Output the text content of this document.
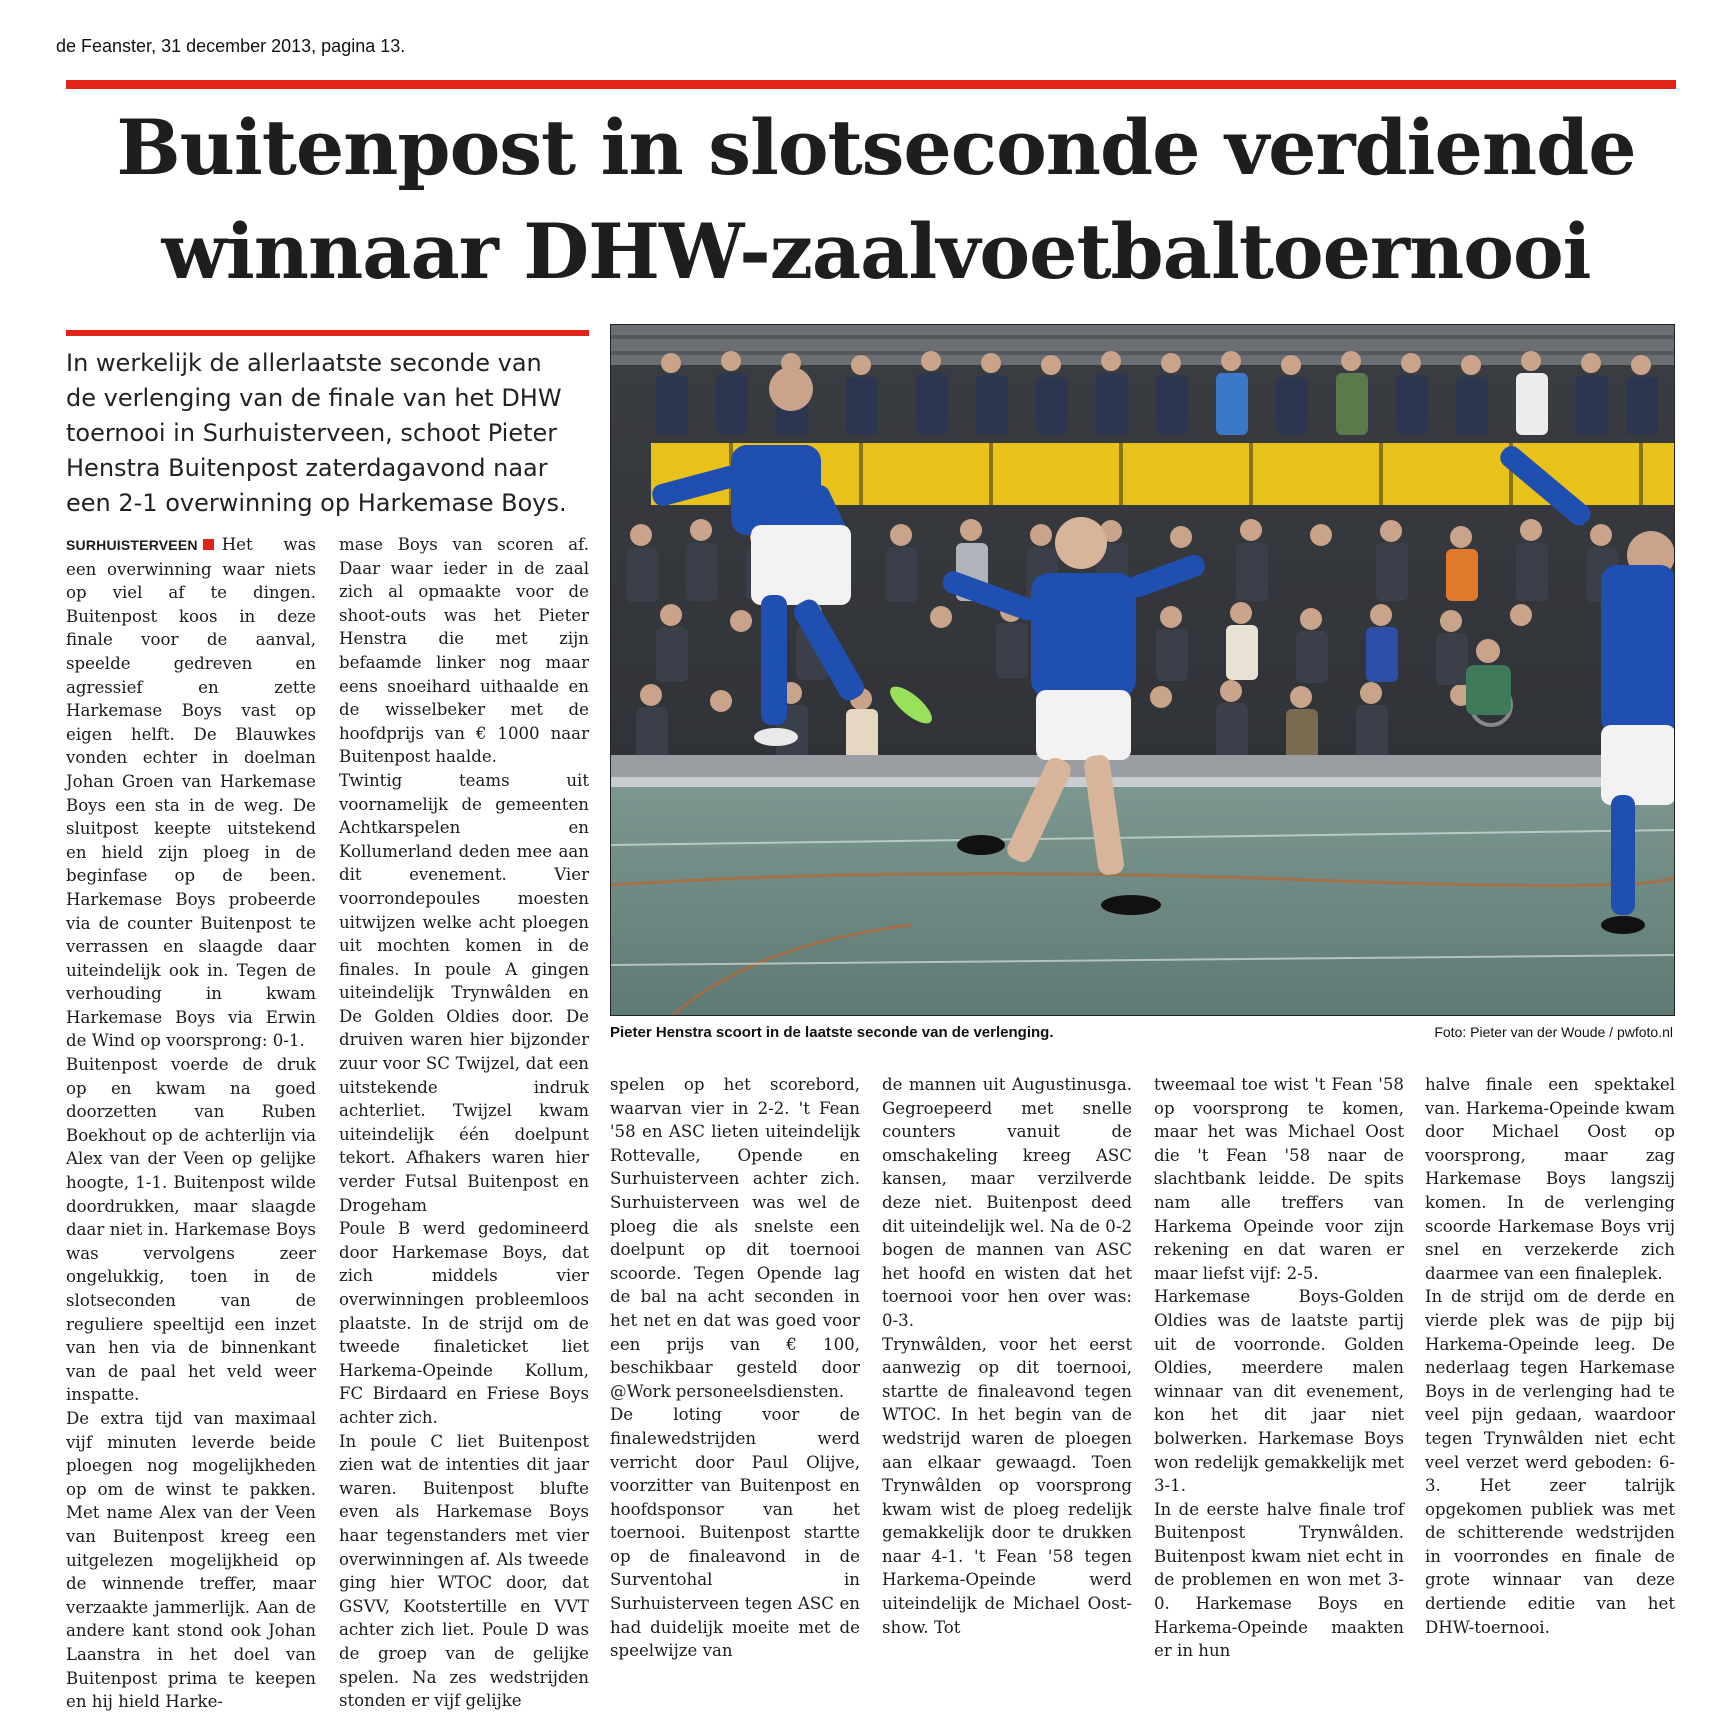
de Feanster, 31 december 2013, pagina 13.
Buitenpost in slotseconde verdiende
winnaar DHW-zaalvoetbaltoernooi
In werkelijk de allerlaatste seconde van de verlenging van de finale van het DHW toernooi in Surhuisterveen, schoot Pieter Henstra Buitenpost zaterdagavond naar een 2-1 overwinning op Harkemase Boys.
Pieter Henstra scoort in de laatste seconde van de verlenging.	Foto: Pieter van der Woude / pwfoto.nl

SURHUISTERVEEN Het was een overwinning waar niets op viel af te dingen. Buitenpost koos in deze finale voor de aanval, speelde gedreven en agressief en zette Harkemase Boys vast op eigen helft. De Blauwkes vonden echter in doelman Johan Groen van Harkemase Boys een sta in de weg. De sluitpost keepte uitstekend en hield zijn ploeg in de beginfase op de been. Harkemase Boys probeerde via de counter Buitenpost te verrassen en slaagde daar uiteindelijk ook in. Tegen de verhouding in kwam Harkemase Boys via Erwin de Wind op voorsprong: 0-1.

Buitenpost voerde de druk op en kwam na goed doorzetten van Ruben Boekhout op de achterlijn via Alex van der Veen op gelijke hoogte, 1-1. Buitenpost wilde doordrukken, maar slaagde daar niet in. Harkemase Boys was vervolgens zeer ongelukkig, toen in de slotseconden van de reguliere speeltijd een inzet van hen via de binnenkant van de paal het veld weer inspatte.

De extra tijd van maximaal vijf minuten leverde beide ploegen nog mogelijkheden op om de winst te pakken. Met name Alex van der Veen van Buitenpost kreeg een uitgelezen mogelijkheid op de winnende treffer, maar verzaakte jammerlijk. Aan de andere kant stond ook Johan Laanstra in het doel van Buitenpost prima te keepen en hij hield Harke-

mase Boys van scoren af. Daar waar ieder in de zaal zich al opmaakte voor de shoot-outs was het Pieter Henstra die met zijn befaamde linker nog maar eens snoeihard uithaalde en de wisselbeker met de hoofdprijs van € 1000 naar Buitenpost haalde.

Twintig teams uit voornamelijk de gemeenten Achtkarspelen en Kollumerland deden mee aan dit evenement. Vier voorrondepoules moesten uitwijzen welke acht ploegen uit mochten komen in de finales. In poule A gingen uiteindelijk Trynwâlden en De Golden Oldies door. De druiven waren hier bijzonder zuur voor SC Twijzel, dat een uitstekende indruk achterliet. Twijzel kwam uiteindelijk één doelpunt tekort. Afhakers waren hier verder Futsal Buitenpost en Drogeham

Poule B werd gedomineerd door Harkemase Boys, dat zich middels vier overwinningen probleemloos plaatste. In de strijd om de tweede finaleticket liet Harkema-Opeinde Kollum, FC Birdaard en Friese Boys achter zich.

In poule C liet Buitenpost zien wat de intenties dit jaar waren. Buitenpost blufte even als Harkemase Boys haar tegenstanders met vier overwinningen af. Als tweede ging hier WTOC door, dat GSVV, Kootstertille en VVT achter zich liet. Poule D was de groep van de gelijke spelen. Na zes wedstrijden stonden er vijf gelijke

spelen op het scorebord, waarvan vier in 2-2. 't Fean '58 en ASC lieten uiteindelijk Rottevalle, Opende en Surhuisterveen achter zich. Surhuisterveen was wel de ploeg die als snelste een doelpunt op dit toernooi scoorde. Tegen Opende lag de bal na acht seconden in het net en dat was goed voor een prijs van € 100, beschikbaar gesteld door @Work personeelsdiensten.

De loting voor de finalewedstrijden werd verricht door Paul Olijve, voorzitter van Buitenpost en hoofdsponsor van het toernooi. Buitenpost startte op de finaleavond in de Surventohal in Surhuisterveen tegen ASC en had duidelijk moeite met de speelwijze van

de mannen uit Augustinusga. Gegroepeerd met snelle counters vanuit de omschakeling kreeg ASC kansen, maar verzilverde deze niet. Buitenpost deed dit uiteindelijk wel. Na de 0-2 bogen de mannen van ASC het hoofd en wisten dat het toernooi voor hen over was: 0-3.

Trynwâlden, voor het eerst aanwezig op dit toernooi, startte de finaleavond tegen WTOC. In het begin van de wedstrijd waren de ploegen aan elkaar gewaagd. Toen Trynwâlden op voorsprong kwam wist de ploeg redelijk gemakkelijk door te drukken naar 4-1. 't Fean '58 tegen Harkema-Opeinde werd uiteindelijk de Michael Oost-show. Tot

tweemaal toe wist 't Fean '58 op voorsprong te komen, maar het was Michael Oost die 't Fean '58 naar de slachtbank leidde. De spits nam alle treffers van Harkema Opeinde voor zijn rekening en dat waren er maar liefst vijf: 2-5.

Harkemase Boys-Golden Oldies was de laatste partij uit de voorronde. Golden Oldies, meerdere malen winnaar van dit evenement, kon het dit jaar niet bolwerken. Harkemase Boys won redelijk gemakkelijk met 3-1.

In de eerste halve finale trof Buitenpost Trynwâlden. Buitenpost kwam niet echt in de problemen en won met 3-0. Harkemase Boys en Harkema-Opeinde maakten er in hun

halve finale een spektakel van. Harkema-Opeinde kwam door Michael Oost op voorsprong, maar zag Harkemase Boys langszij komen. In de verlenging scoorde Harkemase Boys vrij snel en verzekerde zich daarmee van een finaleplek.

In de strijd om de derde en vierde plek was de pijp bij Harkema-Opeinde leeg. De nederlaag tegen Harkemase Boys in de verlenging had te veel pijn gedaan, waardoor tegen Trynwâlden niet echt veel verzet werd geboden: 6-3. Het zeer talrijk opgekomen publiek was met de schitterende wedstrijden in voorrondes en finale de grote winnaar van deze dertiende editie van het DHW-toernooi.
